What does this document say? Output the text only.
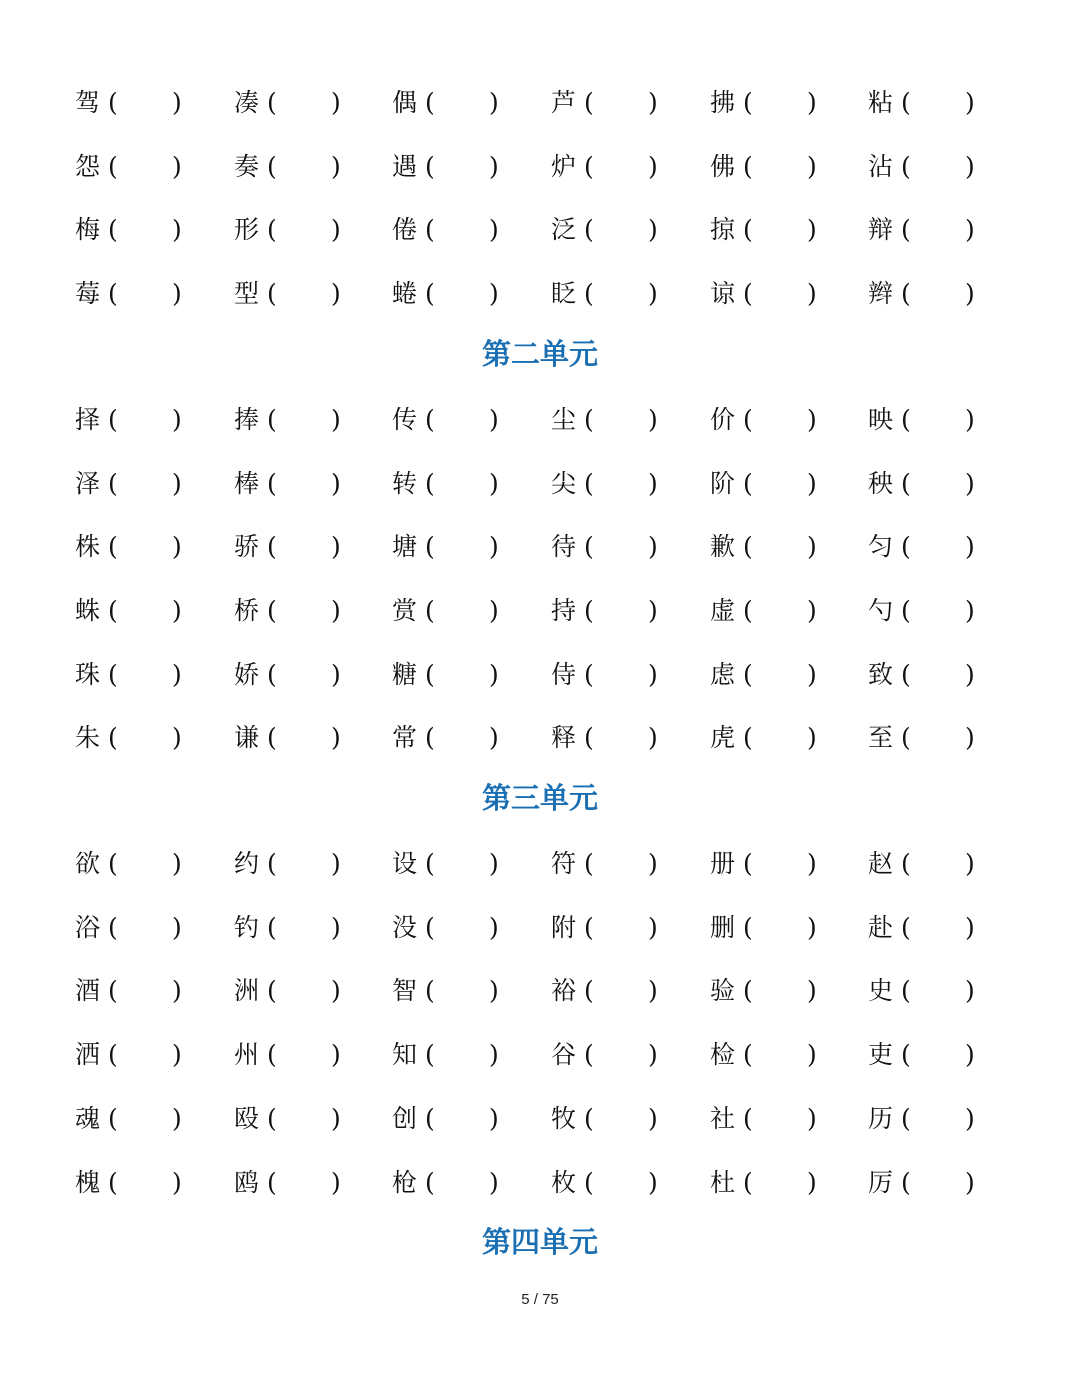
驾 ( ) 凑 ( ) 偶 ( ) 芦 ( ) 拂 ( ) 粘 ( )
怨 ( ) 奏 ( ) 遇 ( ) 炉 ( ) 佛 ( ) 沾 ( )
梅 ( ) 形 ( ) 倦 ( ) 泛 ( ) 掠 ( ) 辩 ( )
莓 ( ) 型 ( ) 蜷 ( ) 眨 ( ) 谅 ( ) 辫 ( )
第二单元
择 ( ) 捧 ( ) 传 ( ) 尘 ( ) 价 ( ) 映 ( )
泽 ( ) 棒 ( ) 转 ( ) 尖 ( ) 阶 ( ) 秧 ( )
株 ( ) 骄 ( ) 塘 ( ) 待 ( ) 歉 ( ) 匀 ( )
蛛 ( ) 桥 ( ) 赏 ( ) 持 ( ) 虚 ( ) 勺 ( )
珠 ( ) 娇 ( ) 糖 ( ) 侍 ( ) 虑 ( ) 致 ( )
朱 ( ) 谦 ( ) 常 ( ) 释 ( ) 虎 ( ) 至 ( )
第三单元
欲 ( ) 约 ( ) 设 ( ) 符 ( ) 册 ( ) 赵 ( )
浴 ( ) 钓 ( ) 没 ( ) 附 ( ) 删 ( ) 赴 ( )
酒 ( ) 洲 ( ) 智 ( ) 裕 ( ) 验 ( ) 史 ( )
洒 ( ) 州 ( ) 知 ( ) 谷 ( ) 检 ( ) 吏 ( )
魂 ( ) 殴 ( ) 创 ( ) 牧 ( ) 社 ( ) 历 ( )
槐 ( ) 鸥 ( ) 枪 ( ) 枚 ( ) 杜 ( ) 厉 ( )
第四单元
5 / 75
